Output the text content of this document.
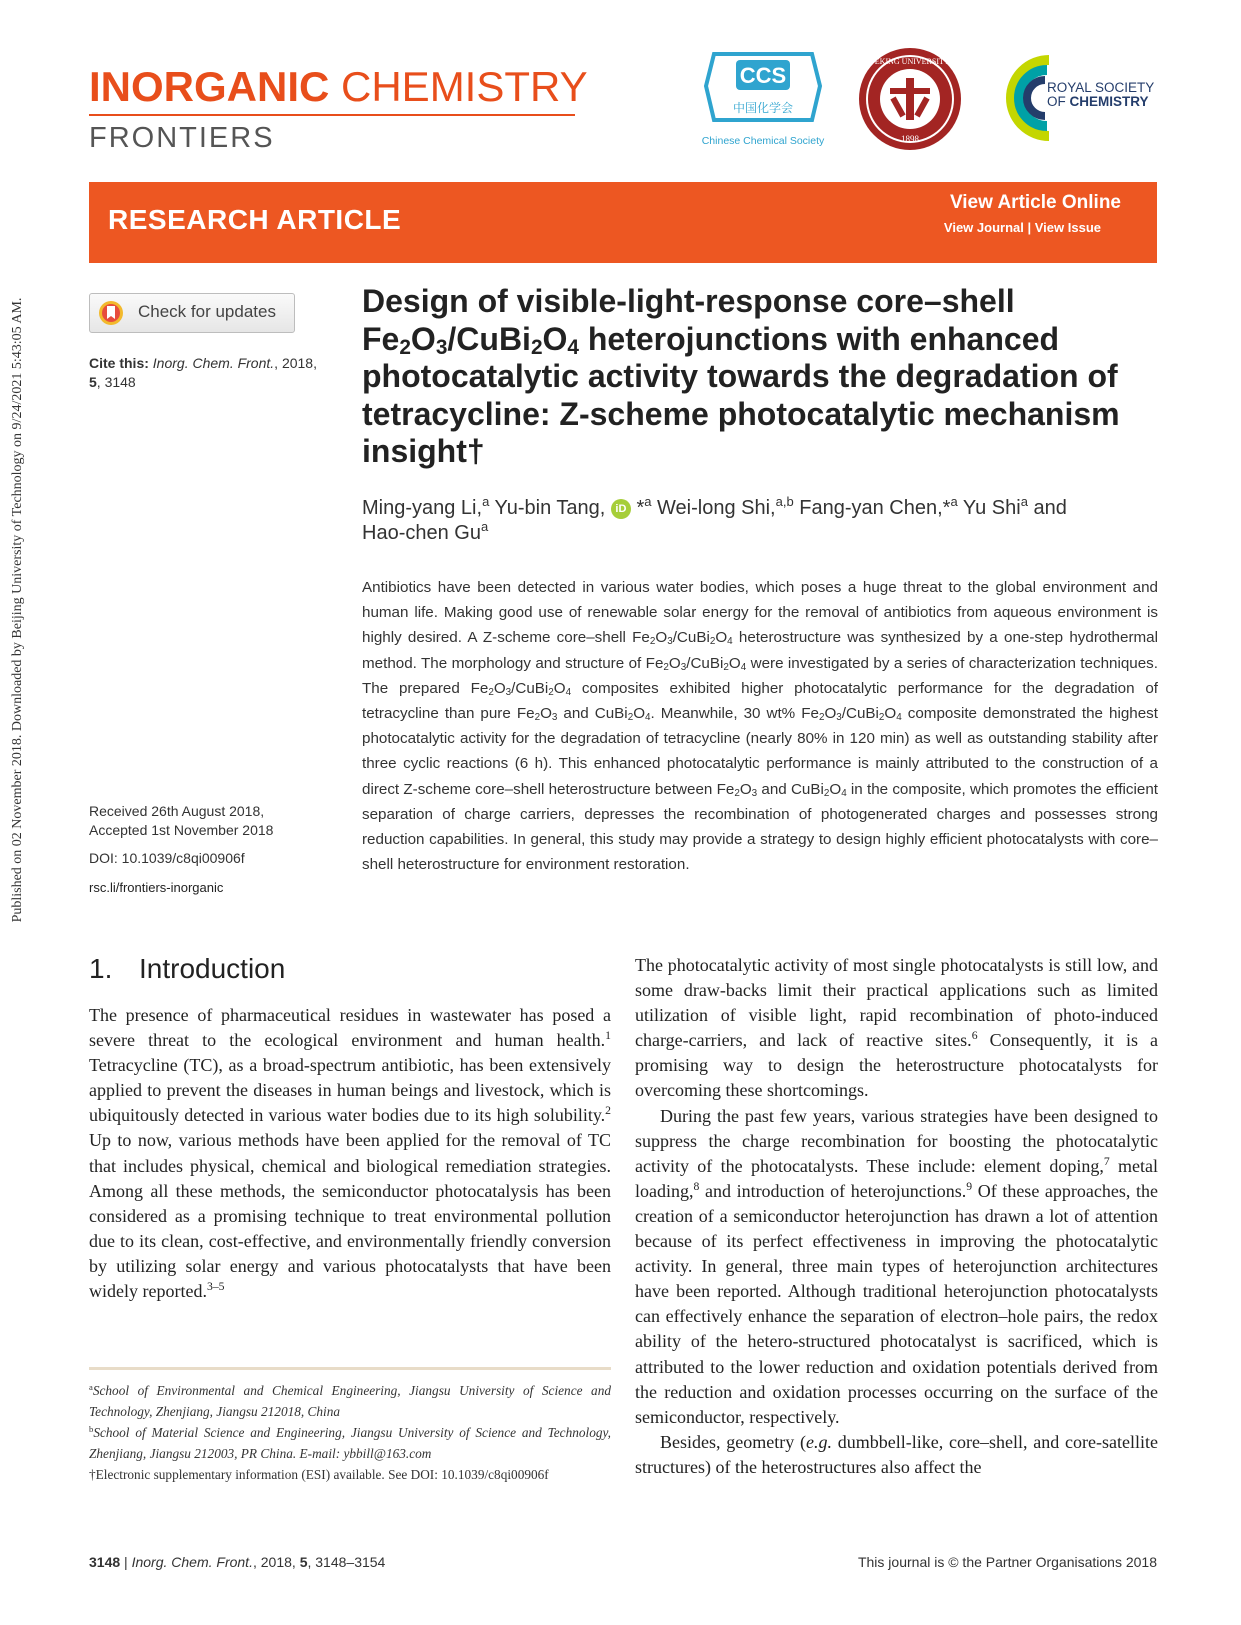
Published on 02 November 2018. Downloaded by Beijing University of Technology on 9/24/2021 5:43:05 AM.
INORGANIC CHEMISTRY
FRONTIERS
CCS
中国化学会
Chinese Chemical Society
PEKING UNIVERSITY
1898
ROYAL SOCIETY
OF CHEMISTRY
RESEARCH ARTICLE
View Article Online
View Journal | View Issue
Check for updates
Cite this: Inorg. Chem. Front., 2018,
5, 3148
Received 26th August 2018,
Accepted 1st November 2018
DOI: 10.1039/c8qi00906f
rsc.li/frontiers-inorganic
Design of visible-light-response core–shell
$Fe_2O_3/CuBi_2O_4$ heterojunctions with enhanced
photocatalytic activity towards the degradation of tetracycline: Z-scheme photocatalytic mechanism insight†
Ming-yang Li,$^a$ Yu-bin Tang, iD *$^a$ Wei-long Shi,$^{a,b}$ Fang-yan Chen,*$^a$ Yu Shi$^a$ and
Hao-chen Gu$^a$
Antibiotics have been detected in various water bodies, which poses a huge threat to the global environment and human life. Making good use of renewable solar energy for the removal of antibiotics from aqueous environment is highly desired. A Z-scheme core–shell $Fe_2O_3/CuBi_2O_4$ heterostructure was synthesized by a one-step hydrothermal method. The morphology and structure of $Fe_2O_3/CuBi_2O_4$ were investigated by a series of characterization techniques. The prepared $Fe_2O_3/CuBi_2O_4$ composites exhibited higher photocatalytic performance for the degradation of tetracycline than pure $Fe_2O_3$ and $CuBi_2O_4$. Meanwhile, 30 wt% $Fe_2O_3/CuBi_2O_4$ composite demonstrated the highest photocatalytic activity for the degradation of tetracycline (nearly 80% in 120 min) as well as outstanding stability after three cyclic reactions (6 h). This enhanced photocatalytic performance is mainly attributed to the construction of a direct Z-scheme core–shell heterostructure between $Fe_2O_3$ and $CuBi_2O_4$ in the composite, which promotes the efficient separation of charge carriers, depresses the recombination of photogenerated charges and possesses strong reduction capabilities. In general, this study may provide a strategy to design highly efficient photocatalysts with core–shell heterostructure for environment restoration.
1. Introduction

The presence of pharmaceutical residues in wastewater has posed a severe threat to the ecological environment and human health.$^1$ Tetracycline (TC), as a broad-spectrum antibiotic, has been extensively applied to prevent the diseases in human beings and livestock, which is ubiquitously detected in various water bodies due to its high solubility.$^2$ Up to now, various methods have been applied for the removal of TC that includes physical, chemical and biological remediation strategies. Among all these methods, the semiconductor photocatalysis has been considered as a promising technique to treat environmental pollution due to its clean, cost-effective, and environmentally friendly conversion by utilizing solar energy and various photocatalysts that have been widely reported.$^{3-5}$

The photocatalytic activity of most single photocatalysts is still low, and some draw-backs limit their practical applications such as limited utilization of visible light, rapid recombination of photo-induced charge-carriers, and lack of reactive sites.$^6$ Consequently, it is a promising way to design the heterostructure photocatalysts for overcoming these shortcomings.

During the past few years, various strategies have been designed to suppress the charge recombination for boosting the photocatalytic activity of the photocatalysts. These include: element doping,$^7$ metal loading,$^8$ and introduction of heterojunctions.$^9$ Of these approaches, the creation of a semiconductor heterojunction has drawn a lot of attention because of its perfect effectiveness in improving the photocatalytic activity. In general, three main types of heterojunction architectures have been reported. Although traditional heterojunction photocatalysts can effectively enhance the separation of electron–hole pairs, the redox ability of the hetero-structured photocatalyst is sacrificed, which is attributed to the lower reduction and oxidation potentials derived from the reduction and oxidation processes occurring on the surface of the semiconductor, respectively.

Besides, geometry (e.g. dumbbell-like, core–shell, and core-satellite structures) of the heterostructures also affect the

$^a$School of Environmental and Chemical Engineering, Jiangsu University of Science and Technology, Zhenjiang, Jiangsu 212018, China

$^b$School of Material Science and Engineering, Jiangsu University of Science and Technology, Zhenjiang, Jiangsu 212003, PR China. E-mail: ybbill@163.com

†Electronic supplementary information (ESI) available. See DOI: 10.1039/c8qi00906f

3148 | Inorg. Chem. Front., 2018, 5, 3148–3154	This journal is © the Partner Organisations 2018
